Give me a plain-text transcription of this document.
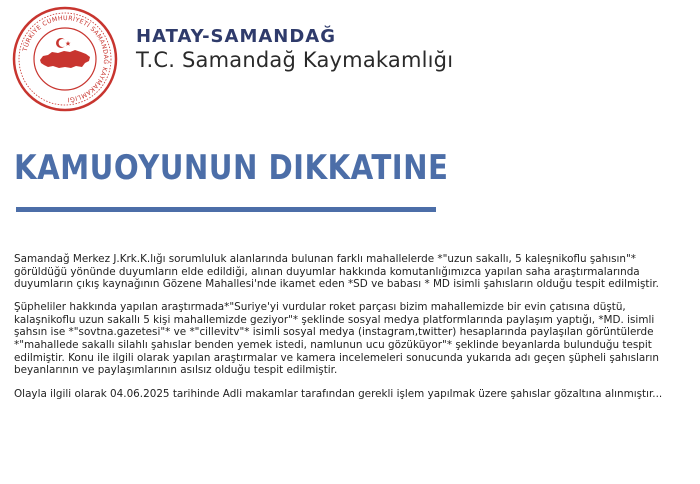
TÜRKİYE CUMHURİYETİ SAMANDAĞ KAYMAKAMLIĞI
HATAY-SAMANDAĞ
T.C. Samandağ Kaymakamlığı
KAMUOYUNUN DIKKATINE

Samandağ Merkez J.Krk.K.lığı sorumluluk alanlarında bulunan farklı mahallelerde *"uzun sakallı, 5 kaleşnikoflu şahısın"* görüldüğü yönünde duyumların elde edildiği, alınan duyumlar hakkında komutanlığımızca yapılan saha araştırmalarında duyumların çıkış kaynağının Gözene Mahallesi'nde ikamet eden *SD ve babası * MD isimli şahısların olduğu tespit edilmiştir.

Şüpheliler hakkında yapılan araştırmada*"Suriye'yi vurdular roket parçası bizim mahallemizde bir evin çatısına düştü, kalaşnikoflu uzun sakallı 5 kişi mahallemizde geziyor"* şeklinde sosyal medya platformlarında paylaşım yaptığı, *MD. isimli şahsın ise *"sovtna.gazetesi"* ve *"cillevitv"* isimli sosyal medya (instagram,twitter) hesaplarında paylaşılan görüntülerde *"mahallede sakallı silahlı şahıslar benden yemek istedi, namlunun ucu gözüküyor"* şeklinde beyanlarda bulunduğu tespit edilmiştir. Konu ile ilgili olarak yapılan araştırmalar ve kamera incelemeleri sonucunda yukarıda adı geçen şüpheli şahısların beyanlarının ve paylaşımlarının asılsız olduğu tespit edilmiştir.

Olayla ilgili olarak 04.06.2025 tarihinde Adli makamlar tarafından gerekli işlem yapılmak üzere şahıslar gözaltına alınmıştır...
